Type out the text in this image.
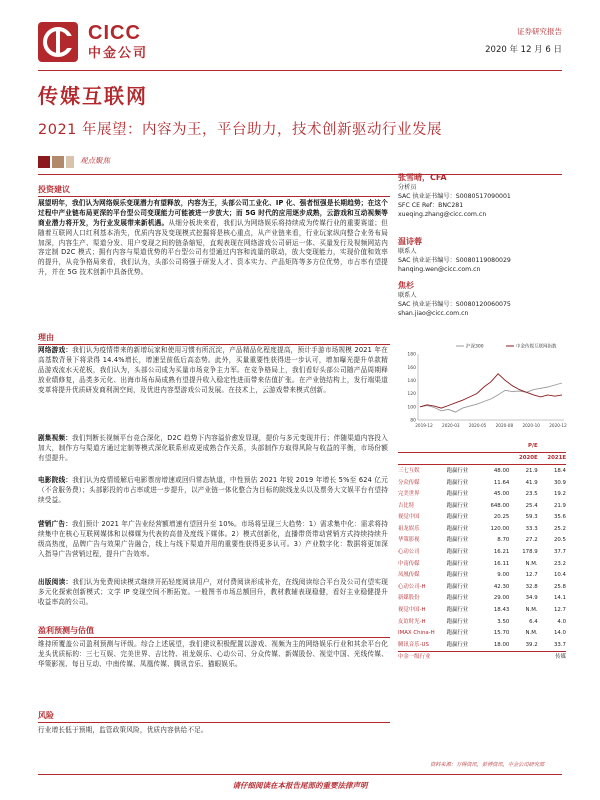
CICC
中金公司
证券研究报告
2020 年 12 月 6 日
传媒互联网
2021 年展望：内容为王，平台助力，技术创新驱动行业发展
观点聚焦
投资建议
展望明年，我们认为网络娱乐变现潜力有望释放，内容为王，头部公司工业化、IP 化、强者恒强是长期趋势；在这个过程中产业链布局更深的平台型公司变现能力可能被进一步放大；而 5G 时代的应用逐步成熟，云游戏和互动视频等商业潜力将开发，为行业发展带来新机遇。从细分板块来看，我们认为网络娱乐将持续成为传媒行业的重要赛道；但随着互联网人口红利基本消失，优质内容及变现模式挖掘将是核心重点，从产业链来看，行业玩家纵向整合业务布局加深，内容生产、渠道分发、用户变现之间的链条缩短，直观表现在网络游戏公司研运一体、买量发行及视频网站内容定制 D2C 模式；拥有内容与渠道优势的平台型公司有望通过内容和流量的联动，放大变现能力，实现价值和效率的提升，从竞争格局来看，我们认为，头部公司将强于研发人才、资本实力、产品矩阵等多方位优势，市占率有望提升，并在 5G 技术创新中具备优势。
理由
网络游戏：我们认为疫情带来的新增玩家和使用习惯有所沉淀，产品精品化程度提高，预计手游市场规模 2021 年在高基数背景下将录得 14.4%增长，增速呈前低后高态势。此外，买量重要性获得进一步认可，增加曝光提升单款精品游戏流水天花板，我们认为，头部公司成为买量市场竞争主力军。在竞争格局上，我们看好头部公司随产品周期释放业绩修复，品类多元化、出海市场布局成熟有望提升收入稳定性进而带来估值扩张。在产业链结构上，发行端渠道变革将提升优质研发商利润空间，及优进内容型游戏公司发展。在技术上，云游戏带来模式创新。
剧集视频：我们判断长视频平台竞合深化，D2C 趋势下内容溢价愈发显现，提价与多元变现并行；伴随渠道内容投入加大，制作方与渠道方通过定制等模式深化联系形成更成熟合作关系，头部制作方取得风险与收益的平衡，市场份额有望提升。
电影院线：我们认为疫情缓解后电影票房增速或回归常态轨道，中性预估 2021 年较 2019 年增长 5%至 624 亿元（不含服务费）；头部影投的市占率或进一步提升，以产业链一体化整合为目标的院线龙头以及票务大文娱平台有望持续受益。
营销广告：我们预计 2021 年广告业经营额增速有望回升至 10%。市场将呈现三大趋势：1）需求集中化：需求将持续集中在核心互联网媒体和以梯媒为代表的高普及度线下媒体。2）模式创新化，直播带货带动营销方式持续持续升级高热度，品牌广告与效果广告融合，线上与线下渠道并用的重要性获得更多认可。3）产业数字化：数据将更加深入指导广告营销过程，提升广告效率。
出版阅读：我们认为免费阅读模式继续开拓轻度阅读用户，对付费阅读形成补充，在线阅读综合平台及公司有望实现多元化探索创新模式；文学 IP 变现空间不断拓宽。一般图书市场总额回升，教材教辅表现稳健，看好主业稳健提升收益率高的公司。
盈利预测与估值
维持所覆盖公司盈利预测与评级。综合上述展望，我们建议积极配置以游戏、视频为主的网络娱乐行业和其余平台化龙头优质标的：三七互娱、完美世界、吉比特、祖龙娱乐、心动公司、分众传媒、新媒股份、视觉中国、光线传媒、华策影视、每日互动、中南传媒、凤凰传媒、腾讯音乐、猫眼娱乐。
风险
行业增长低于预期，监管政策风险，优质内容供给不足。
张雪晴，CFA
分析员
SAC 执业证书编号：S0080517090001
SFC CE Ref：BNC281
xueqing.zhang@cicc.com.cn
温诗蓉
联系人
SAC 执业证书编号：S0080119080029
hanqing.wen@cicc.com.cn
焦杉
联系人
SAC 执业证书编号：S0080120060075
shan.jiao@cicc.com.cn
80
100
120
140
160
180
2019-12 2020-03 2020-05 2020-08 2020-10 2020-12
沪深300	中金传媒互联网指数
			P/E	
			2020E	2021E
三七互娱	跑赢行业	48.00	21.9	18.4
分众传媒	跑赢行业	11.64	41.9	30.9
完美世界	跑赢行业	45.00	23.5	19.2
吉比特	跑赢行业	648.00	25.4	21.9
视觉中国	跑赢行业	20.25	59.3	35.6
祖龙娱乐	跑赢行业	120.00	33.3	25.2
华策影视	跑赢行业	8.70	27.2	20.5
心动公司	跑赢行业	16.21	178.9	37.7
中南传媒	跑赢行业	16.11	N.M.	23.2
凤凰传媒	跑赢行业	9.00	12.7	10.4
心动公司-H	跑赢行业	42.30	32.8	25.8
新媒股份	跑赢行业	29.00	34.9	14.1
视觉中国-H	跑赢行业	18.43	N.M.	12.7
友谊时光-H	跑赢行业	3.50	6.4	4.0
IMAX China-H	跑赢行业	15.70	N.M.	14.0
腾讯音乐-US	跑赢行业	18.00	39.2	33.7
中金一级行业		传媒		
资料来源：万得资讯，彭博资讯，中金公司研究部
请仔细阅读在本报告尾部的重要法律声明
